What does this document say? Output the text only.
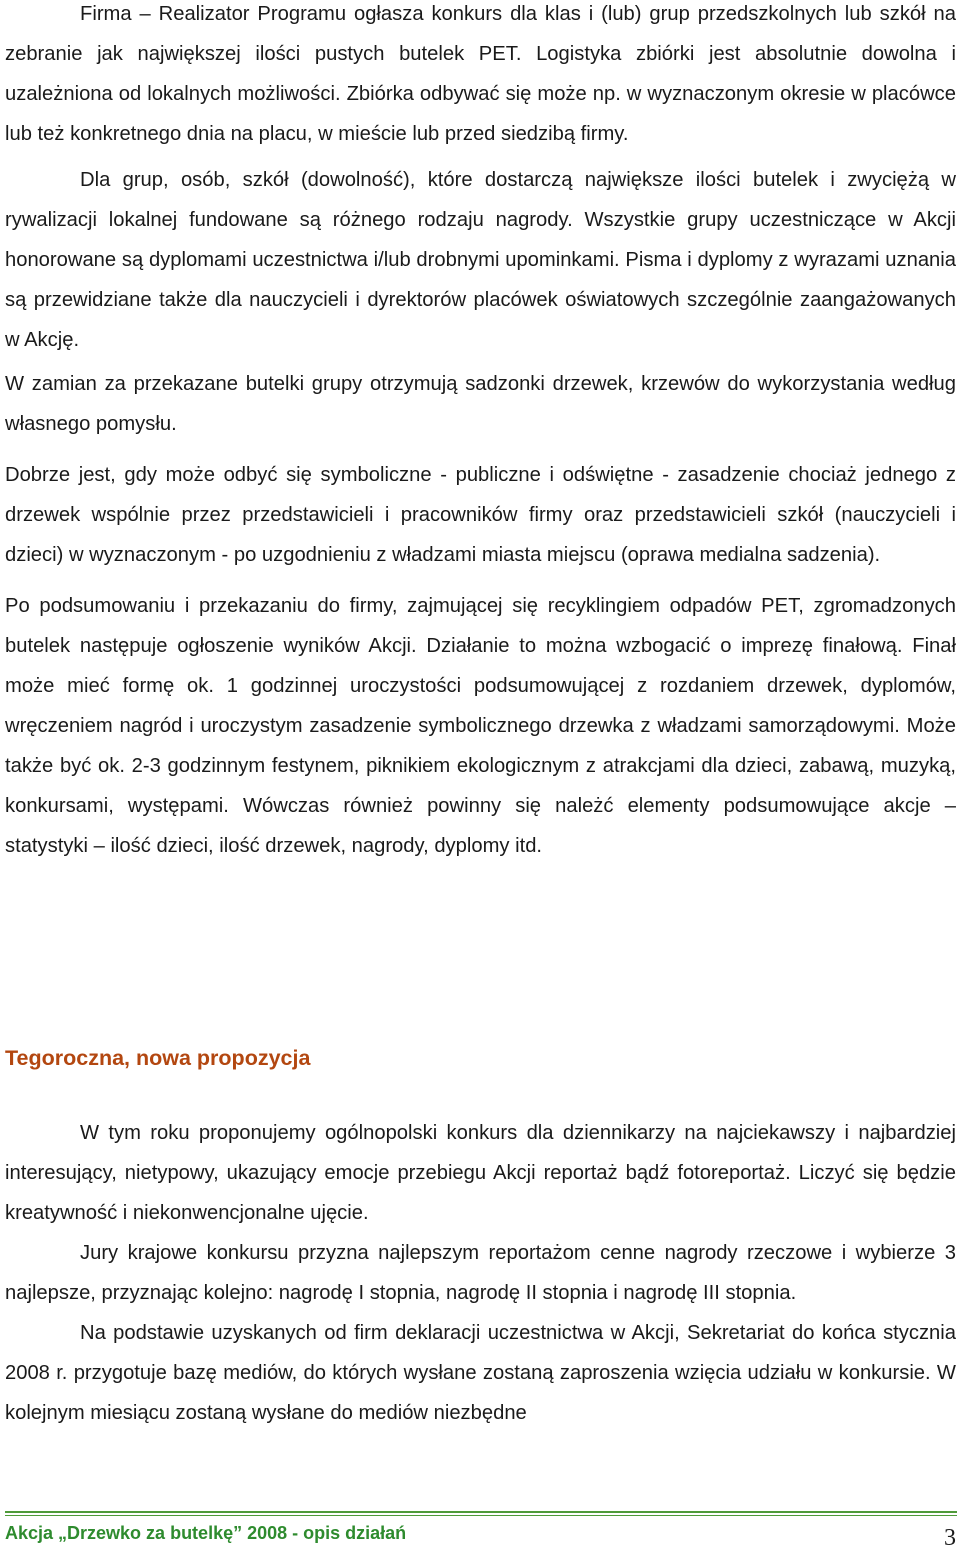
Firma – Realizator Programu ogłasza konkurs dla klas i (lub) grup przedszkolnych lub szkół na zebranie jak największej ilości pustych butelek PET. Logistyka zbiórki jest absolutnie dowolna i uzależniona od lokalnych możliwości. Zbiórka odbywać się może np. w wyznaczonym okresie w placówce lub też konkretnego dnia na placu, w mieście lub przed siedzibą firmy.

Dla grup, osób, szkół (dowolność), które dostarczą największe ilości butelek i zwyciężą w rywalizacji lokalnej fundowane są różnego rodzaju nagrody. Wszystkie grupy uczestniczące w Akcji honorowane są dyplomami uczestnictwa i/lub drobnymi upominkami. Pisma i dyplomy z wyrazami uznania są przewidziane także dla nauczycieli i dyrektorów placówek oświatowych szczególnie zaangażowanych w Akcję.

W zamian za przekazane butelki grupy otrzymują sadzonki drzewek, krzewów do wykorzystania według własnego pomysłu.

Dobrze jest, gdy może odbyć się symboliczne - publiczne i odświętne - zasadzenie chociaż jednego z drzewek wspólnie przez przedstawicieli i pracowników firmy oraz przedstawicieli szkół (nauczycieli i dzieci) w wyznaczonym - po uzgodnieniu z władzami miasta miejscu (oprawa medialna sadzenia).

Po podsumowaniu i przekazaniu do firmy, zajmującej się recyklingiem odpadów PET, zgromadzonych butelek następuje ogłoszenie wyników Akcji. Działanie to można wzbogacić o imprezę finałową. Finał może mieć formę ok. 1 godzinnej uroczystości podsumowującej z rozdaniem drzewek, dyplomów, wręczeniem nagród i uroczystym zasadzenie symbolicznego drzewka z władzami samorządowymi. Może także być ok. 2-3 godzinnym festynem, piknikiem ekologicznym z atrakcjami dla dzieci, zabawą, muzyką, konkursami, występami. Wówczas również powinny się należć elementy podsumowujące akcje – statystyki – ilość dzieci, ilość drzewek, nagrody, dyplomy itd.

Tegoroczna, nowa propozycja

W tym roku proponujemy ogólnopolski konkurs dla dziennikarzy na najciekawszy i najbardziej interesujący, nietypowy, ukazujący emocje przebiegu Akcji reportaż bądź fotoreportaż. Liczyć się będzie kreatywność i niekonwencjonalne ujęcie.

Jury krajowe konkursu przyzna najlepszym reportażom cenne nagrody rzeczowe i wybierze 3 najlepsze, przyznając kolejno: nagrodę I stopnia, nagrodę II stopnia i nagrodę III stopnia.

Na podstawie uzyskanych od firm deklaracji uczestnictwa w Akcji, Sekretariat do końca stycznia 2008 r. przygotuje bazę mediów, do których wysłane zostaną zaproszenia wzięcia udziału w konkursie. W kolejnym miesiącu zostaną wysłane do mediów niezbędne

Akcja „Drzewko za butelkę” 2008 - opis działań	3
